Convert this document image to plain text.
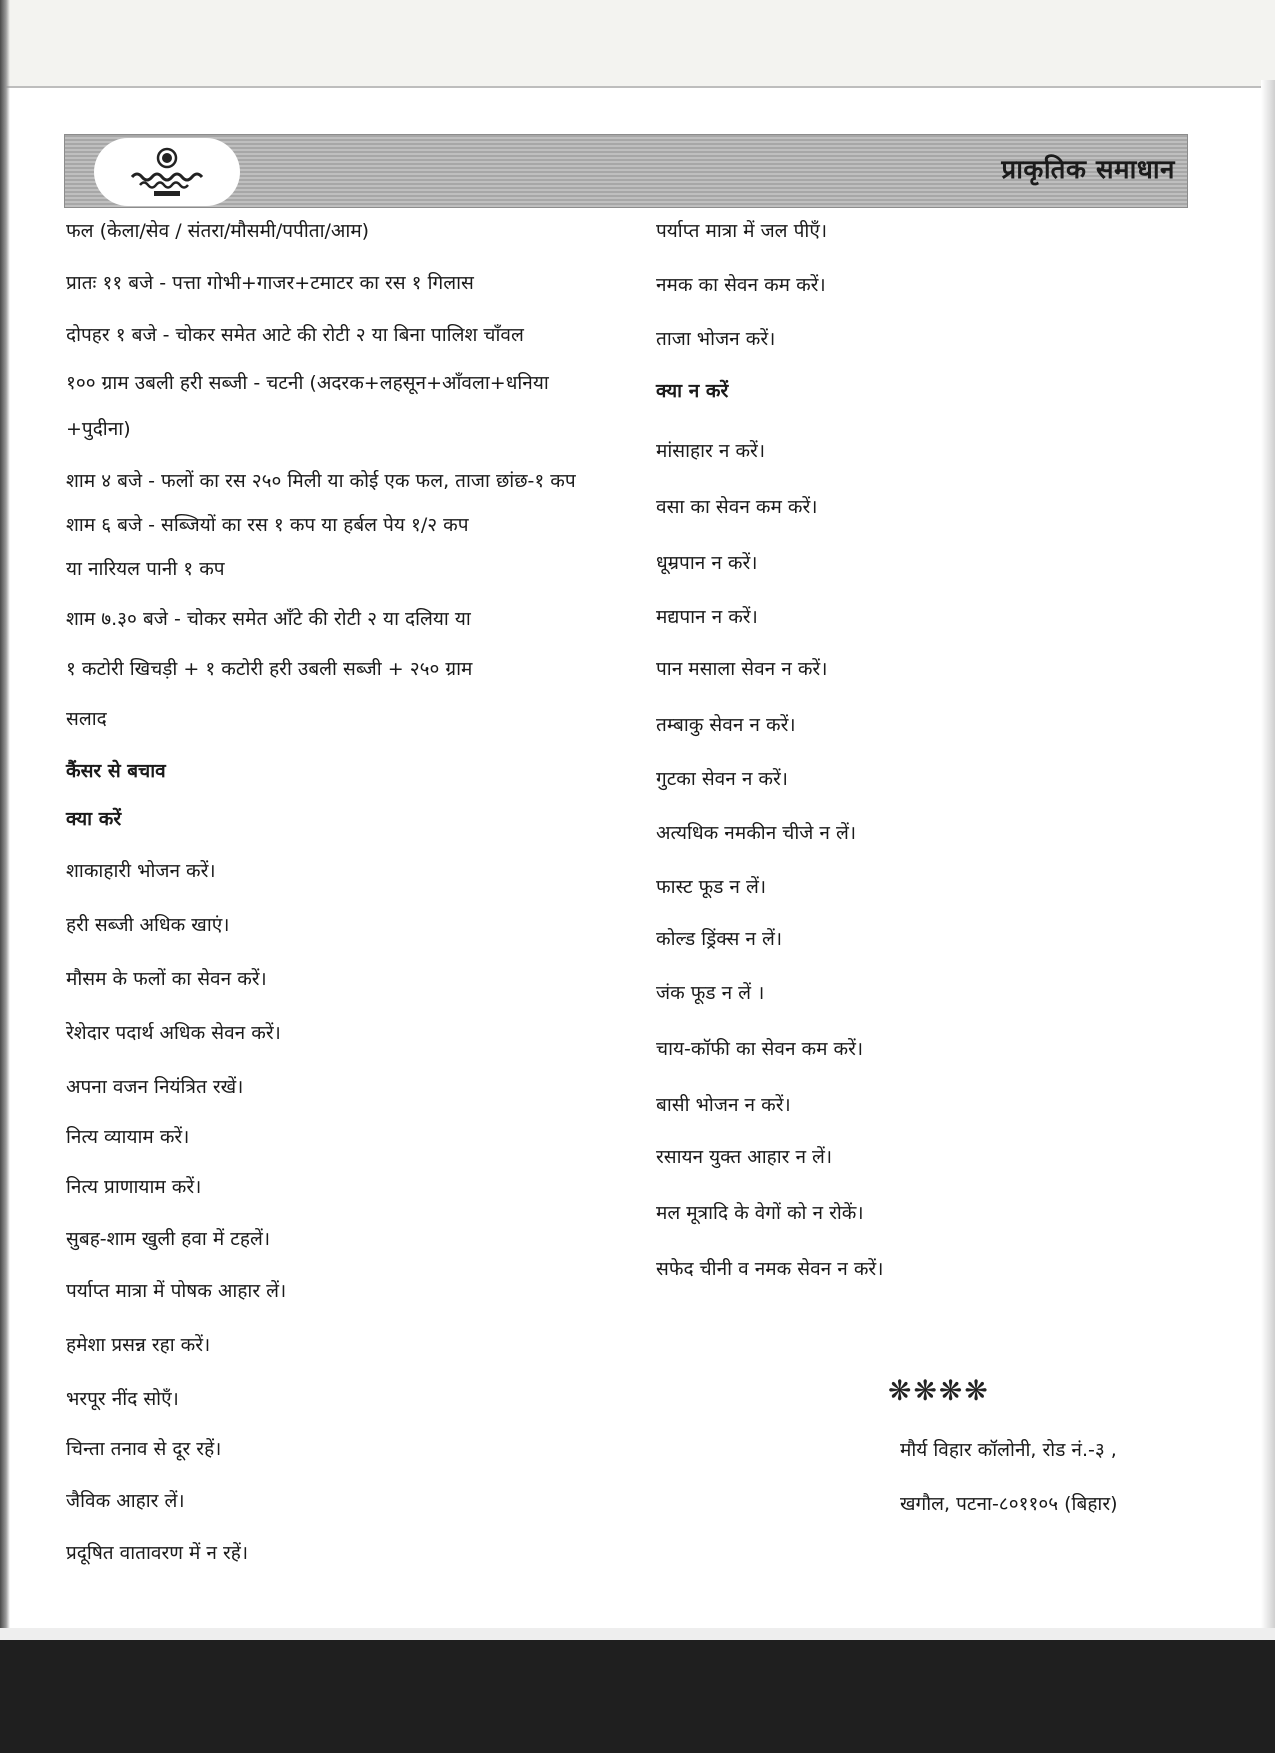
प्राकृतिक समाधान
फल (केला/सेव / संतरा/मौसमी/पपीता/आम)
प्रातः ११ बजे - पत्ता गोभी+गाजर+टमाटर का रस १ गिलास
दोपहर १ बजे - चोकर समेत आटे की रोटी २ या बिना पालिश चाँवल
१०० ग्राम उबली हरी सब्जी - चटनी (अदरक+लहसून+आँवला+धनिया
+पुदीना)
शाम ४ बजे - फलों का रस २५० मिली या कोई एक फल, ताजा छांछ-१ कप
शाम ६ बजे - सब्जियों का रस १ कप या हर्बल पेय १/२ कप
या नारियल पानी १ कप
शाम ७.३० बजे - चोकर समेत आँटे की रोटी २ या दलिया या
१ कटोरी खिचड़ी + १ कटोरी हरी उबली सब्जी + २५० ग्राम
सलाद
कैंसर से बचाव
क्या करें
शाकाहारी भोजन करें।
हरी सब्जी अधिक खाएं।
मौसम के फलों का सेवन करें।
रेशेदार पदार्थ अधिक सेवन करें।
अपना वजन नियंत्रित रखें।
नित्य व्यायाम करें।
नित्य प्राणायाम करें।
सुबह-शाम खुली हवा में टहलें।
पर्याप्त मात्रा में पोषक आहार लें।
हमेशा प्रसन्न रहा करें।
भरपूर नींद सोएँ।
चिन्ता तनाव से दूर रहें।
जैविक आहार लें।
प्रदूषित वातावरण में न रहें।
पर्याप्त मात्रा में जल पीएँ।
नमक का सेवन कम करें।
ताजा भोजन करें।
क्या न करें
मांसाहार न करें।
वसा का सेवन कम करें।
धूम्रपान न करें।
मद्यपान न करें।
पान मसाला सेवन न करें।
तम्बाकु सेवन न करें।
गुटका सेवन न करें।
अत्यधिक नमकीन चीजे न लें।
फास्ट फूड न लें।
कोल्ड ड्रिंक्स न लें।
जंक फूड न लें ।
चाय-कॉफी का सेवन कम करें।
बासी भोजन न करें।
रसायन युक्त आहार न लें।
मल मूत्रादि के वेगों को न रोकें।
सफेद चीनी व नमक सेवन न करें।
❋❋❋❋
मौर्य विहार कॉलोनी, रोड नं.-३ ,
खगौल, पटना-८०११०५ (बिहार)
